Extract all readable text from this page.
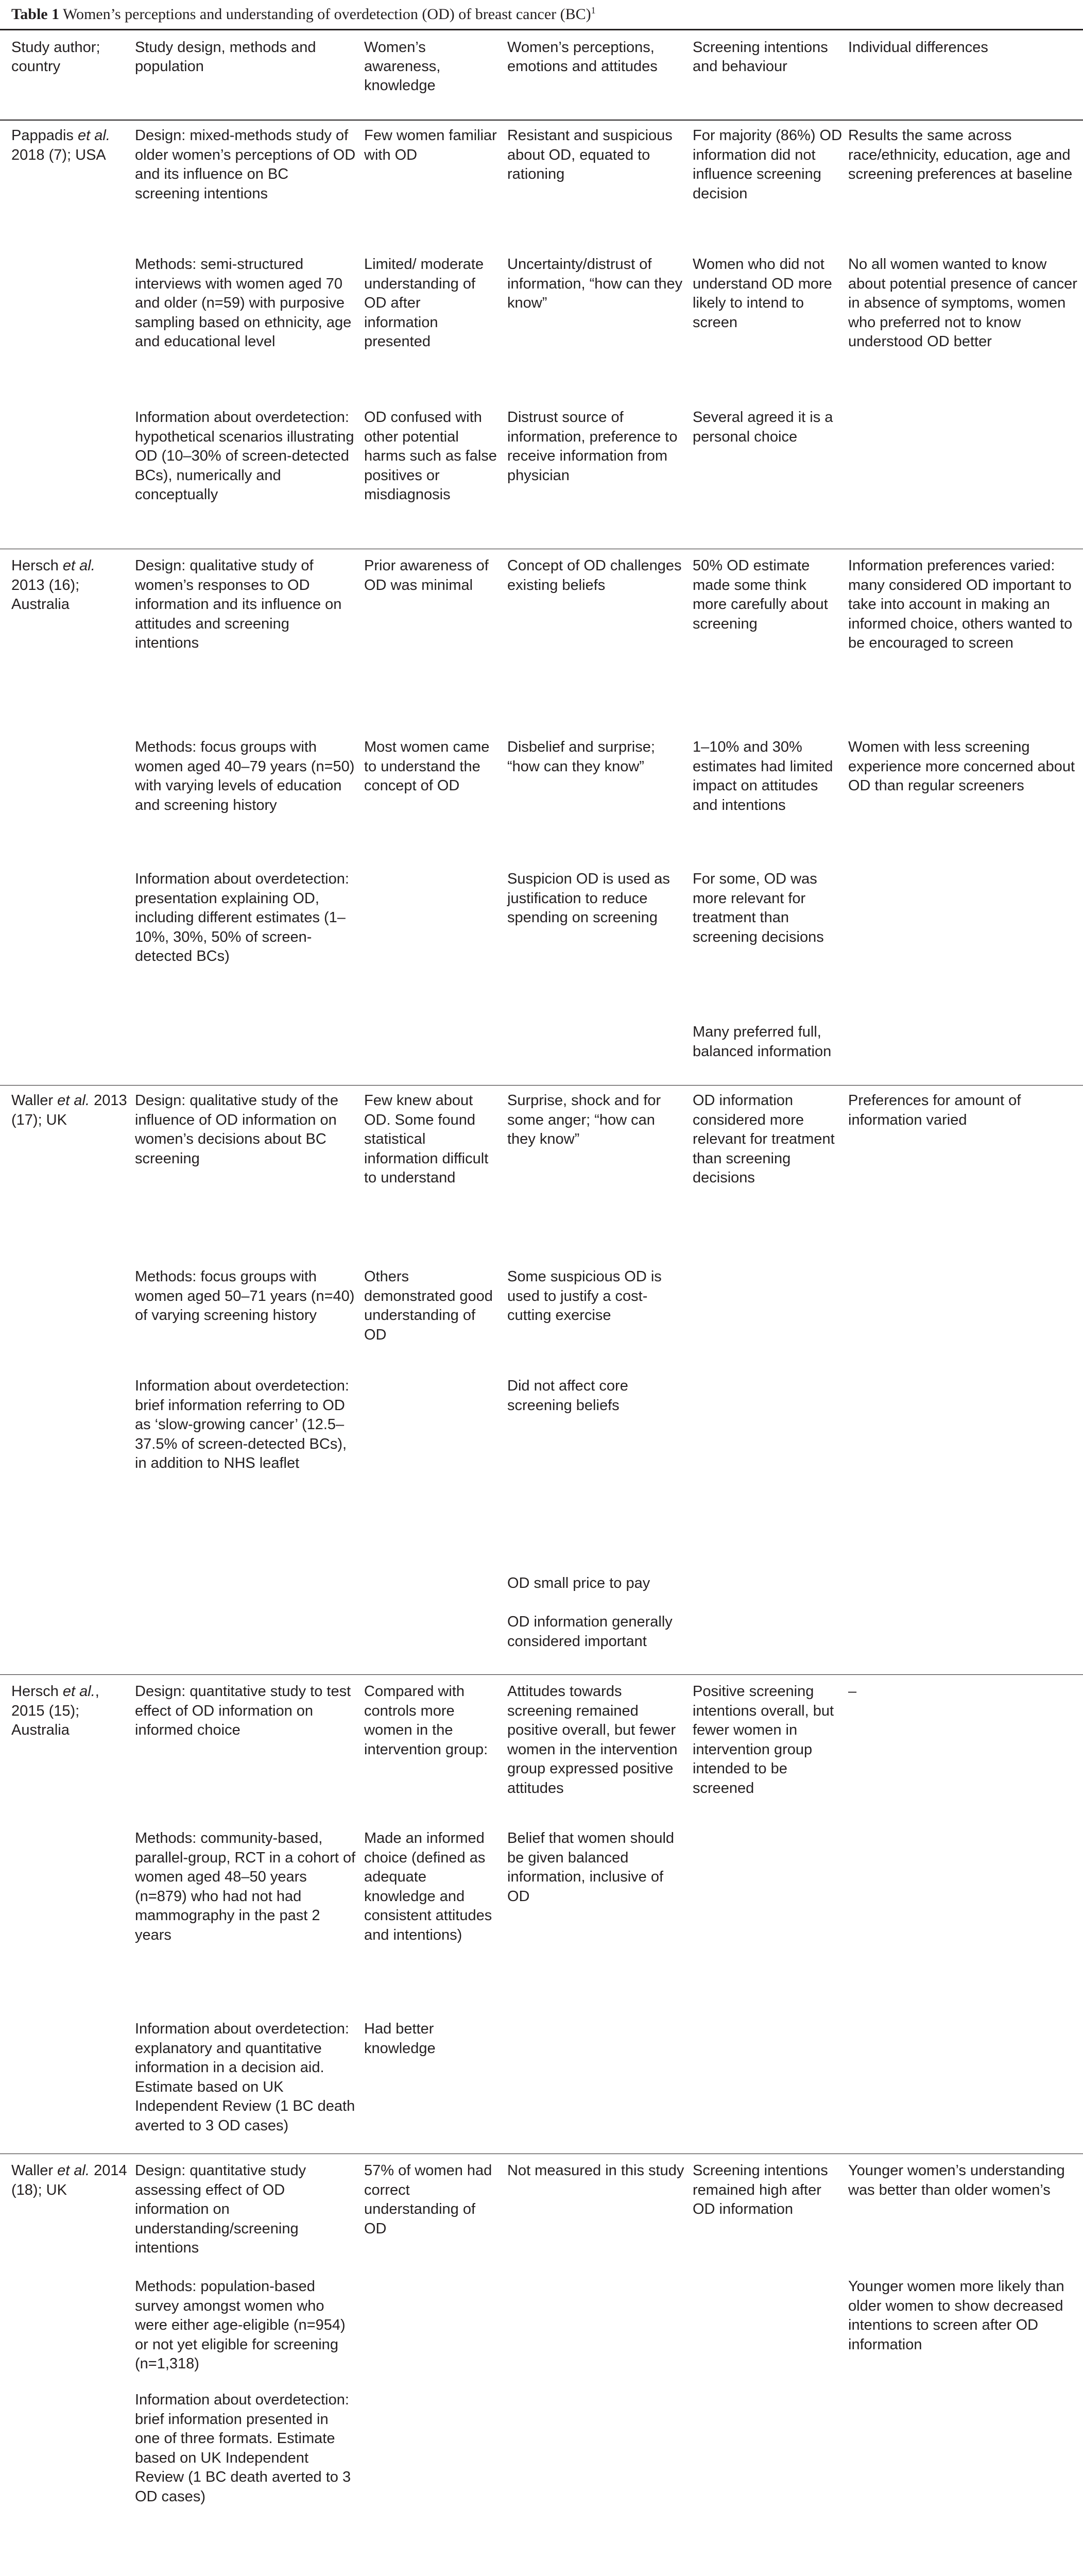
Table 1 Women’s perceptions and understanding of overdetection (OD) of breast cancer (BC)$^1$
Study author; country
Study design, methods and population
Women’s awareness, knowledge
Women’s perceptions, emotions and attitudes
Screening intentions and behaviour
Individual differences
Pappadis et al. 2018 (7); USA
Design: mixed-methods study of older women’s perceptions of OD and its influence on BC screening intentions
Few women familiar with OD
Resistant and suspicious about OD, equated to rationing
For majority (86%) OD information did not influence screening decision
Results the same across race/ethnicity, education, age and screening preferences at baseline
Methods: semi-structured interviews with women aged 70 and older (n=59) with purposive sampling based on ethnicity, age and educational level
Limited/ moderate understanding of OD after information presented
Uncertainty/distrust of information, “how can they know”
Women who did not understand OD more likely to intend to screen
No all women wanted to know about potential presence of cancer in absence of symptoms, women who preferred not to know understood OD better
Information about overdetection: hypothetical scenarios illustrating OD (10–30% of screen-detected BCs), numerically and conceptually
OD confused with other potential harms such as false positives or misdiagnosis
Distrust source of information, preference to receive information from physician
Several agreed it is a personal choice
Hersch et al. 2013 (16); Australia
Design: qualitative study of women’s responses to OD information and its influence on attitudes and screening intentions
Prior awareness of OD was minimal
Concept of OD challenges existing beliefs
50% OD estimate made some think more carefully about screening
Information preferences varied: many considered OD important to take into account in making an informed choice, others wanted to be encouraged to screen
Methods: focus groups with women aged 40–79 years (n=50) with varying levels of education and screening history
Most women came to understand the concept of OD
Disbelief and surprise; “how can they know”
1–10% and 30% estimates had limited impact on attitudes and intentions
Women with less screening experience more concerned about OD than regular screeners
Information about overdetection: presentation explaining OD, including different estimates (1–10%, 30%, 50% of screen-detected BCs)
Suspicion OD is used as justification to reduce spending on screening
For some, OD was more relevant for treatment than screening decisions
Many preferred full, balanced information
Waller et al. 2013 (17); UK
Design: qualitative study of the influence of OD information on women’s decisions about BC screening
Few knew about OD. Some found statistical information difficult to understand
Surprise, shock and for some anger; “how can they know”
OD information considered more relevant for treatment than screening decisions
Preferences for amount of information varied
Methods: focus groups with women aged 50–71 years (n=40) of varying screening history
Others demonstrated good understanding of OD
Some suspicious OD is used to justify a cost-cutting exercise
Information about overdetection: brief information referring to OD as ‘slow-growing cancer’ (12.5–37.5% of screen-detected BCs), in addition to NHS leaflet
Did not affect core screening beliefs
OD small price to pay
OD information generally considered important
Hersch et al., 2015 (15); Australia
Design: quantitative study to test effect of OD information on informed choice
Compared with controls more women in the intervention group:
Attitudes towards screening remained positive overall, but fewer women in the intervention group expressed positive attitudes
Positive screening intentions overall, but fewer women in intervention group intended to be screened
–
Methods: community-based, parallel-group, RCT in a cohort of women aged 48–50 years (n=879) who had not had mammography in the past 2 years
Made an informed choice (defined as adequate knowledge and consistent attitudes and intentions)
Belief that women should be given balanced information, inclusive of OD
Information about overdetection: explanatory and quantitative information in a decision aid. Estimate based on UK Independent Review (1 BC death averted to 3 OD cases)
Had better knowledge
Waller et al. 2014 (18); UK
Design: quantitative study assessing effect of OD information on understanding/screening intentions
57% of women had correct understanding of OD
Not measured in this study Screening intentions remained high after OD information
Younger women’s understanding was better than older women’s
Methods: population-based survey amongst women who were either age-eligible (n=954) or not yet eligible for screening (n=1,318)
Younger women more likely than older women to show decreased intentions to screen after OD information
Information about overdetection: brief information presented in one of three formats. Estimate based on UK Independent Review (1 BC death averted to 3 OD cases)
